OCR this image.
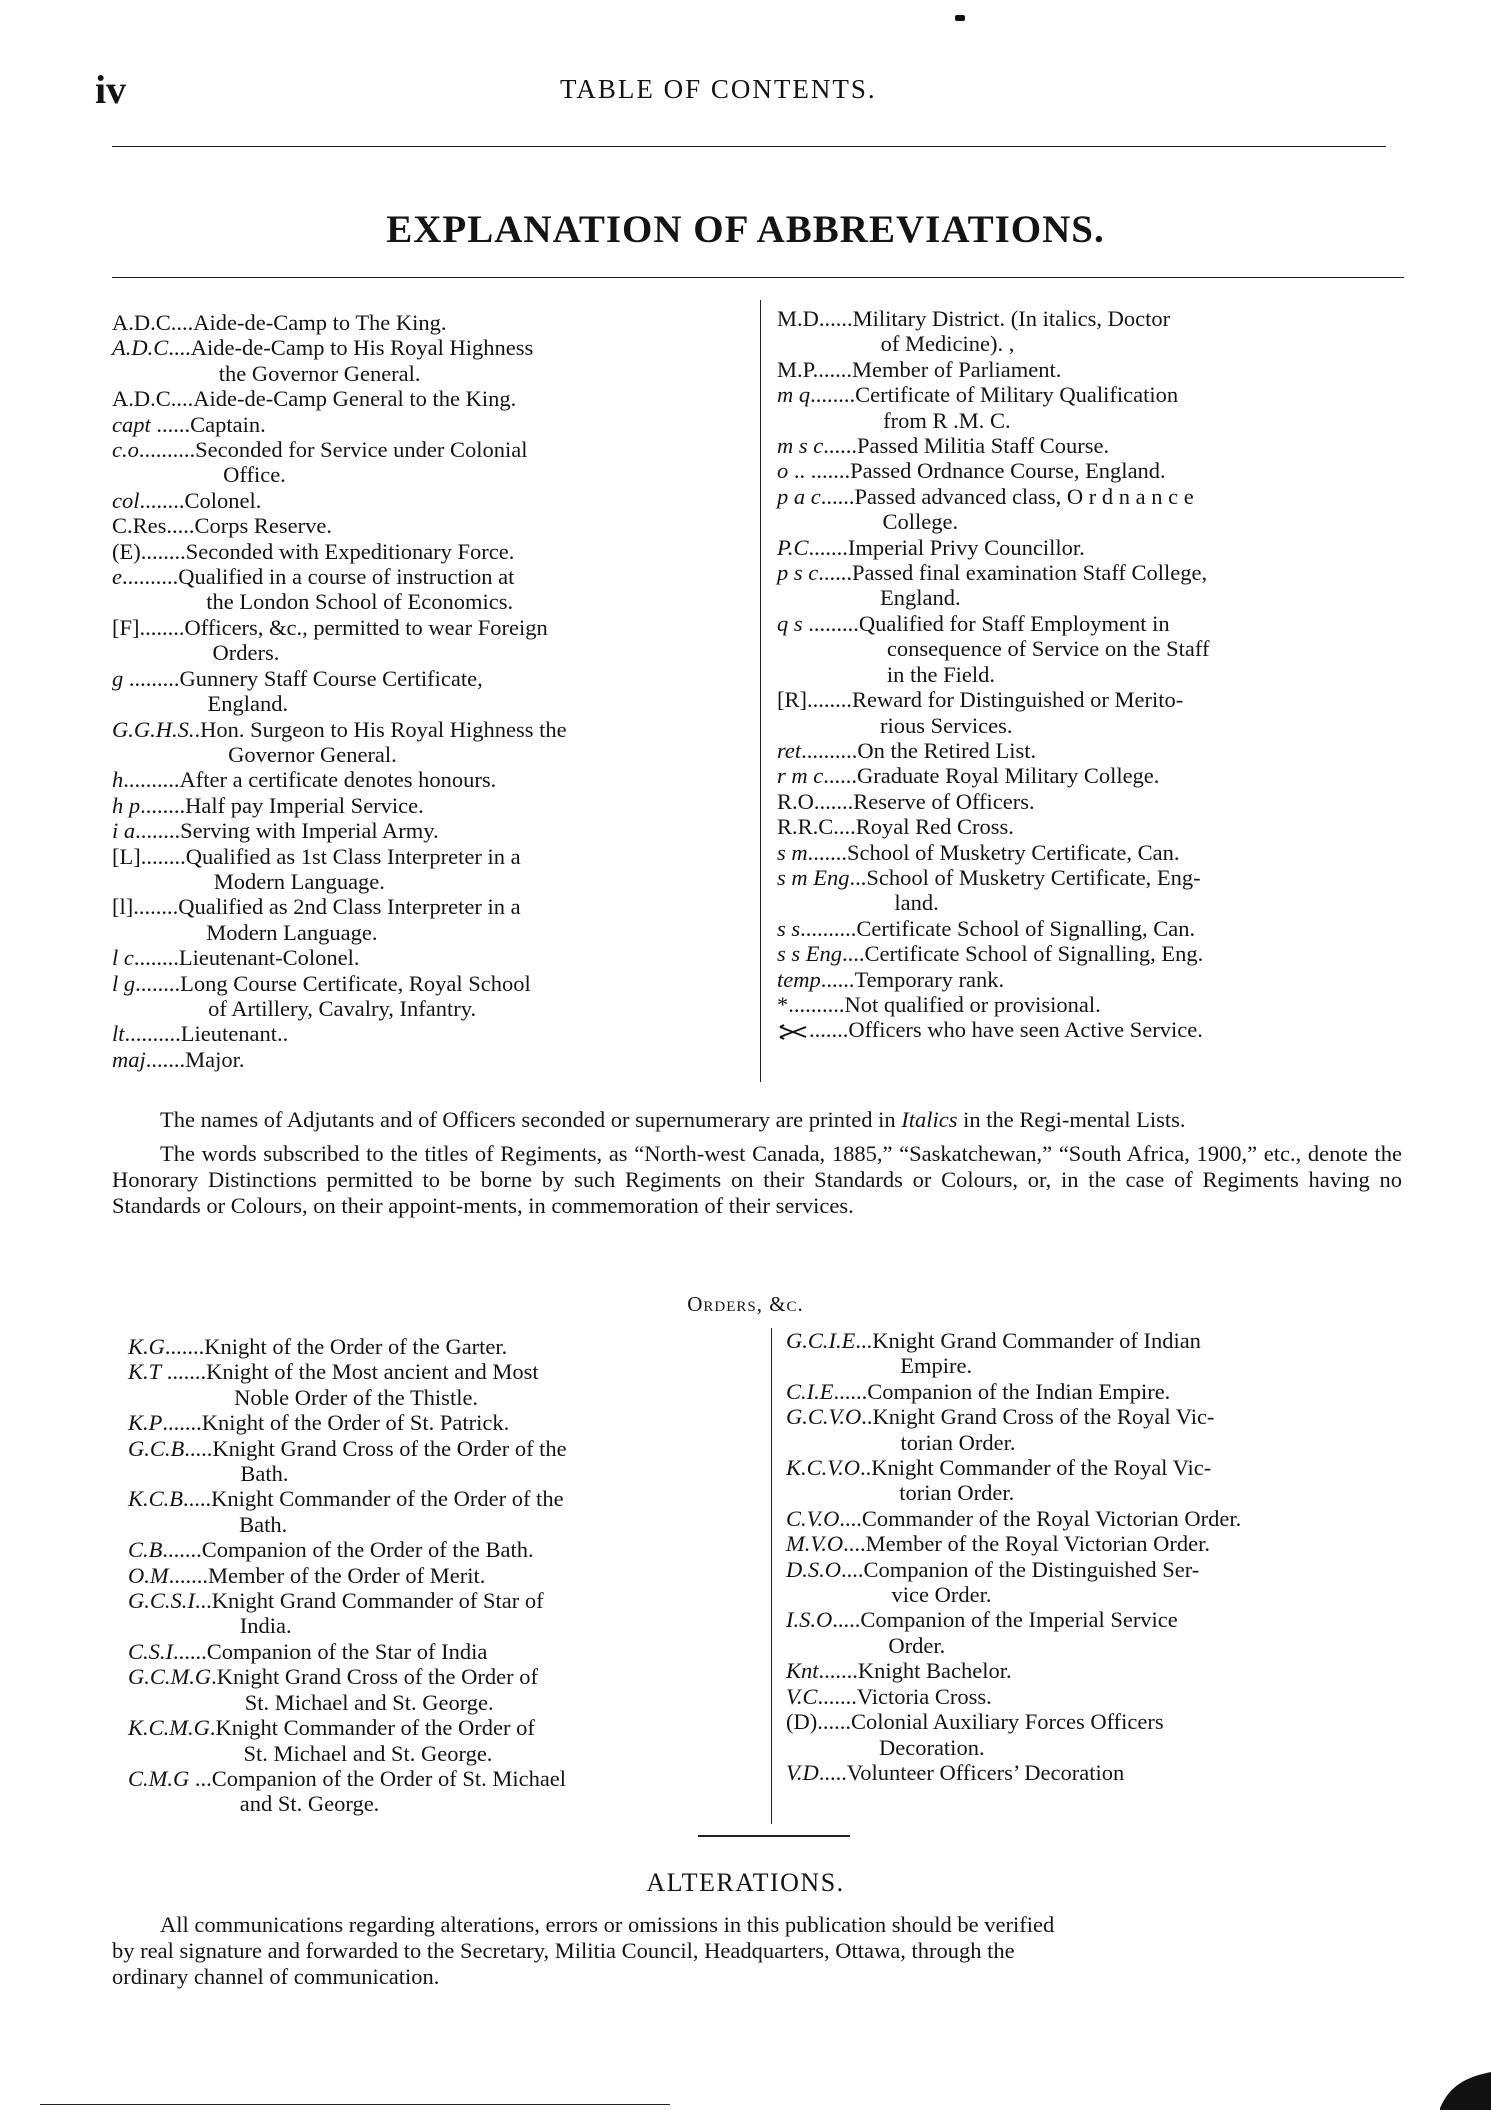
iv	TABLE OF CONTENTS.
EXPLANATION OF ABBREVIATIONS.
A.D.C.... Aide-de-Camp to The King.
A.D.C.... Aide-de-Camp to His Royal Highness
the Governor General.
A.D.C.... Aide-de-Camp General to the King.
capt ...... Captain.
c.o.......... Seconded for Service under Colonial
Office.
col........ Colonel.
C.Res..... Corps Reserve.
(E)........ Seconded with Expeditionary Force.
e.......... Qualified in a course of instruction at
the London School of Economics.
[F]........ Officers, &c., permitted to wear Foreign
Orders.
g ......... Gunnery Staff Course Certificate,
England.
G.G.H.S.. Hon. Surgeon to His Royal Highness the
Governor General.
h.......... After a certificate denotes honours.
h p........ Half pay Imperial Service.
i a........ Serving with Imperial Army.
[L]........ Qualified as 1st Class Interpreter in a
Modern Language.
[l]........ Qualified as 2nd Class Interpreter in a
Modern Language.
l c........ Lieutenant-Colonel.
l g........ Long Course Certificate, Royal School
of Artillery, Cavalry, Infantry.
lt.......... Lieutenant..
maj....... Major.
M.D...... Military District. (In italics, Doctor
of Medicine). ,
M.P....... Member of Parliament.
m q........ Certificate of Military Qualification
from R .M. C.
m s c...... Passed Militia Staff Course.
o .. ....... Passed Ordnance Course, England.
p a c...... Passed advanced class, O r d n a n c e
College.
P.C....... Imperial Privy Councillor.
p s c...... Passed final examination Staff College,
England.
q s ......... Qualified for Staff Employment in
consequence of Service on the Staff
in the Field.
[R]........ Reward for Distinguished or Merito-
rious Services.
ret.......... On the Retired List.
r m c...... Graduate Royal Military College.
R.O....... Reserve of Officers.
R.R.C.... Royal Red Cross.
s m....... School of Musketry Certificate, Can.
s m Eng... School of Musketry Certificate, Eng-
land.
s s.......... Certificate School of Signalling, Can.
s s Eng.... Certificate School of Signalling, Eng.
temp...... Temporary rank.
*.......... Not qualified or provisional.
....... Officers who have seen Active Service.

The names of Adjutants and of Officers seconded or supernumerary are printed in Italics in the Regi-mental Lists.

The words subscribed to the titles of Regiments, as “North-west Canada, 1885,” “Saskatchewan,” “South Africa, 1900,” etc., denote the Honorary Distinctions permitted to be borne by such Regiments on their Standards or Colours, or, in the case of Regiments having no Standards or Colours, on their appoint-ments, in commemoration of their services.

Orders, &c.
K.G....... Knight of the Order of the Garter.
K.T ....... Knight of the Most ancient and Most
Noble Order of the Thistle.
K.P....... Knight of the Order of St. Patrick.
G.C.B..... Knight Grand Cross of the Order of the
Bath.
K.C.B..... Knight Commander of the Order of the
Bath.
C.B....... Companion of the Order of the Bath.
O.M....... Member of the Order of Merit.
G.C.S.I... Knight Grand Commander of Star of
India.
C.S.I...... Companion of the Star of India
G.C.M.G. Knight Grand Cross of the Order of
St. Michael and St. George.
K.C.M.G. Knight Commander of the Order of
St. Michael and St. George.
C.M.G ... Companion of the Order of St. Michael
and St. George.
G.C.I.E... Knight Grand Commander of Indian
Empire.
C.I.E...... Companion of the Indian Empire.
G.C.V.O.. Knight Grand Cross of the Royal Vic-
torian Order.
K.C.V.O.. Knight Commander of the Royal Vic-
torian Order.
C.V.O.... Commander of the Royal Victorian Order.
M.V.O.... Member of the Royal Victorian Order.
D.S.O.... Companion of the Distinguished Ser-
vice Order.
I.S.O..... Companion of the Imperial Service
Order.
Knt....... Knight Bachelor.
V.C....... Victoria Cross.
(D)...... Colonial Auxiliary Forces Officers
Decoration.
V.D..... Volunteer Officers’ Decoration
ALTERATIONS.
All communications regarding alterations, errors or omissions in this publication should be verified
by real signature and forwarded to the Secretary, Militia Council, Headquarters, Ottawa, through the
ordinary channel of communication.
